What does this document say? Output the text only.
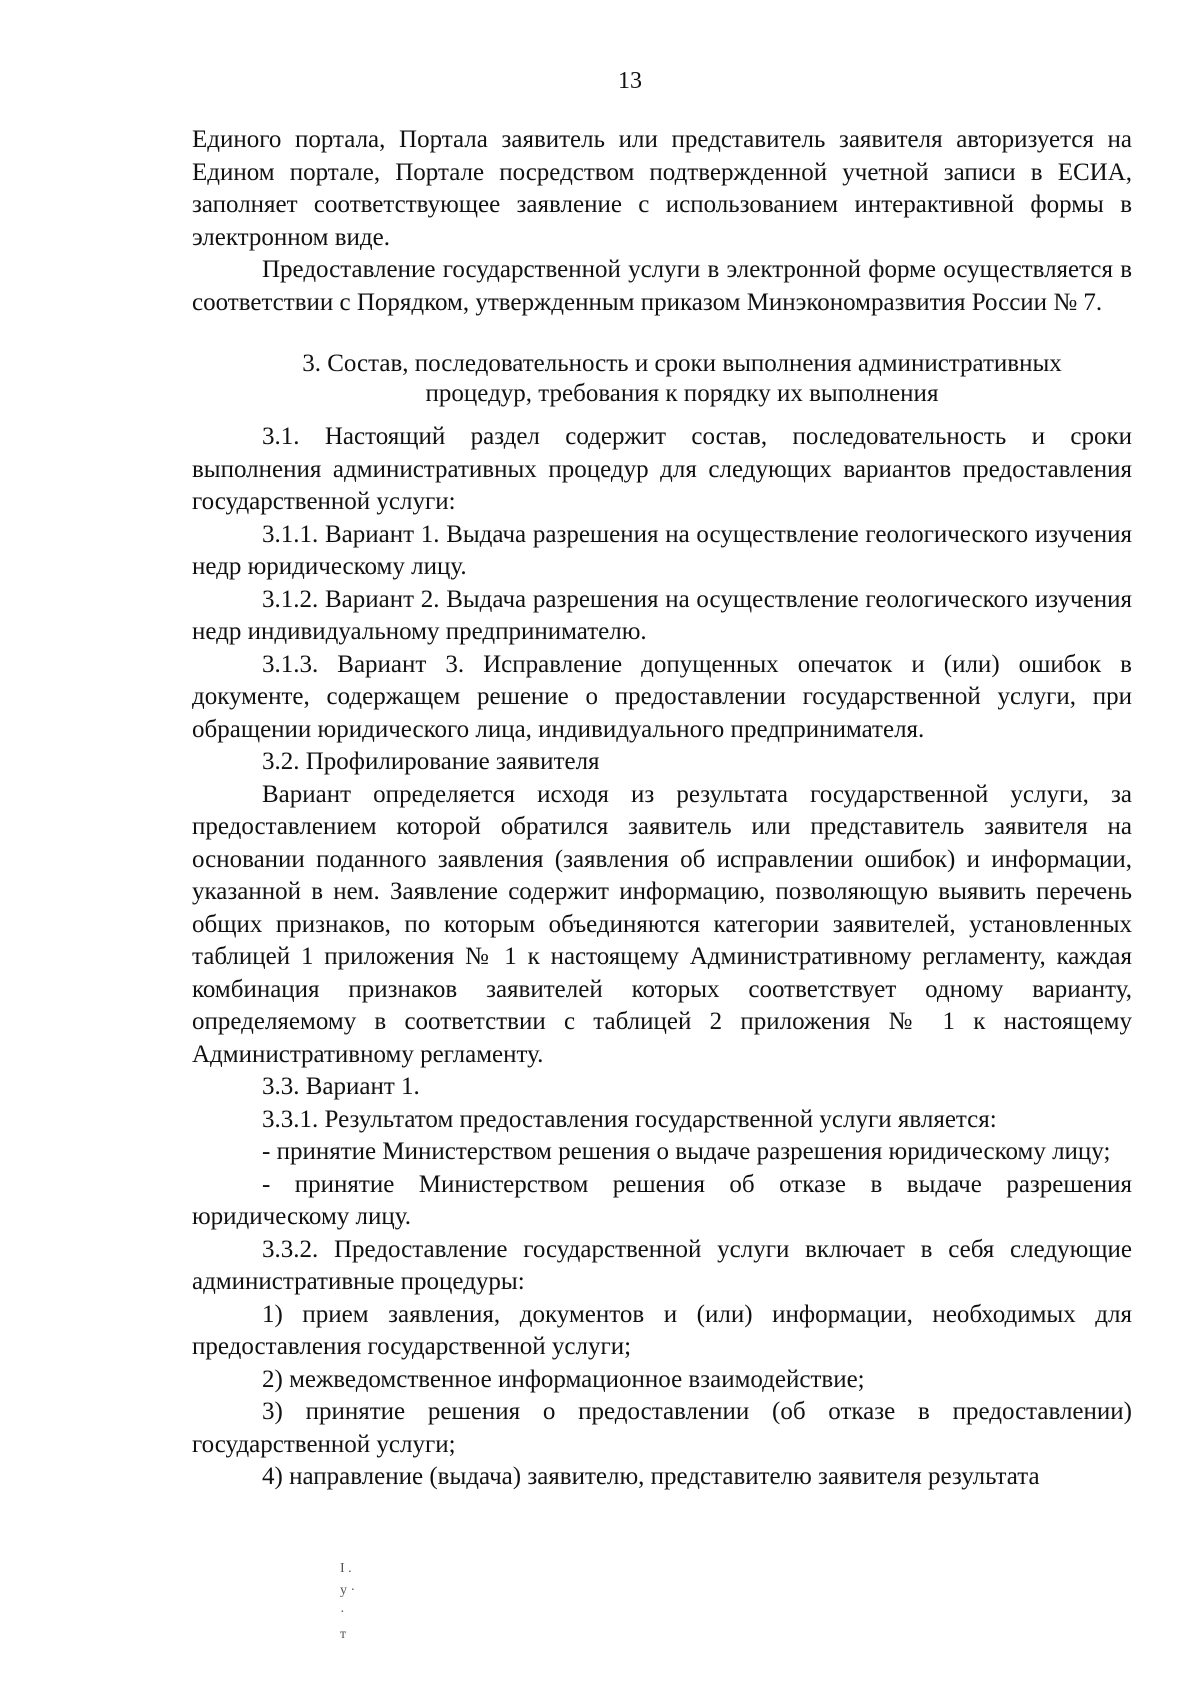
13

Единого портала, Портала заявитель или представитель заявителя авторизуется на Едином портале, Портале посредством подтвержденной учетной записи в ЕСИА, заполняет соответствующее заявление с использованием интерактивной формы в электронном виде.

Предоставление государственной услуги в электронной форме осуществляется в соответствии с Порядком, утвержденным приказом Минэкономразвития России № 7.

3. Состав, последовательность и сроки выполнения административных
процедур, требования к порядку их выполнения

3.1. Настоящий раздел содержит состав, последовательность и сроки выполнения административных процедур для следующих вариантов предоставления государственной услуги:

3.1.1. Вариант 1. Выдача разрешения на осуществление геологического изучения недр юридическому лицу.

3.1.2. Вариант 2. Выдача разрешения на осуществление геологического изучения недр индивидуальному предпринимателю.

3.1.3. Вариант 3. Исправление допущенных опечаток и (или) ошибок в документе, содержащем решение о предоставлении государственной услуги, при обращении юридического лица, индивидуального предпринимателя.

3.2. Профилирование заявителя

Вариант определяется исходя из результата государственной услуги, за предоставлением которой обратился заявитель или представитель заявителя на основании поданного заявления (заявления об исправлении ошибок) и информации, указанной в нем. Заявление содержит информацию, позволяющую выявить перечень общих признаков, по которым объединяются категории заявителей, установленных таблицей 1 приложения № 1 к настоящему Административному регламенту, каждая комбинация признаков заявителей которых соответствует одному варианту, определяемому в соответствии с таблицей 2 приложения № 1 к настоящему Административному регламенту.

3.3. Вариант 1.

3.3.1. Результатом предоставления государственной услуги является:

- принятие Министерством решения о выдаче разрешения юридическому лицу;

- принятие Министерством решения об отказе в выдаче разрешения юридическому лицу.

3.3.2. Предоставление государственной услуги включает в себя следующие административные процедуры:

1) прием заявления, документов и (или) информации, необходимых для предоставления государственной услуги;

2) межведомственное информационное взаимодействие;

3) принятие решения о предоставлении (об отказе в предоставлении) государственной услуги;

4) направление (выдача) заявителю, представителю заявителя результата

I .
у ·
·
т
